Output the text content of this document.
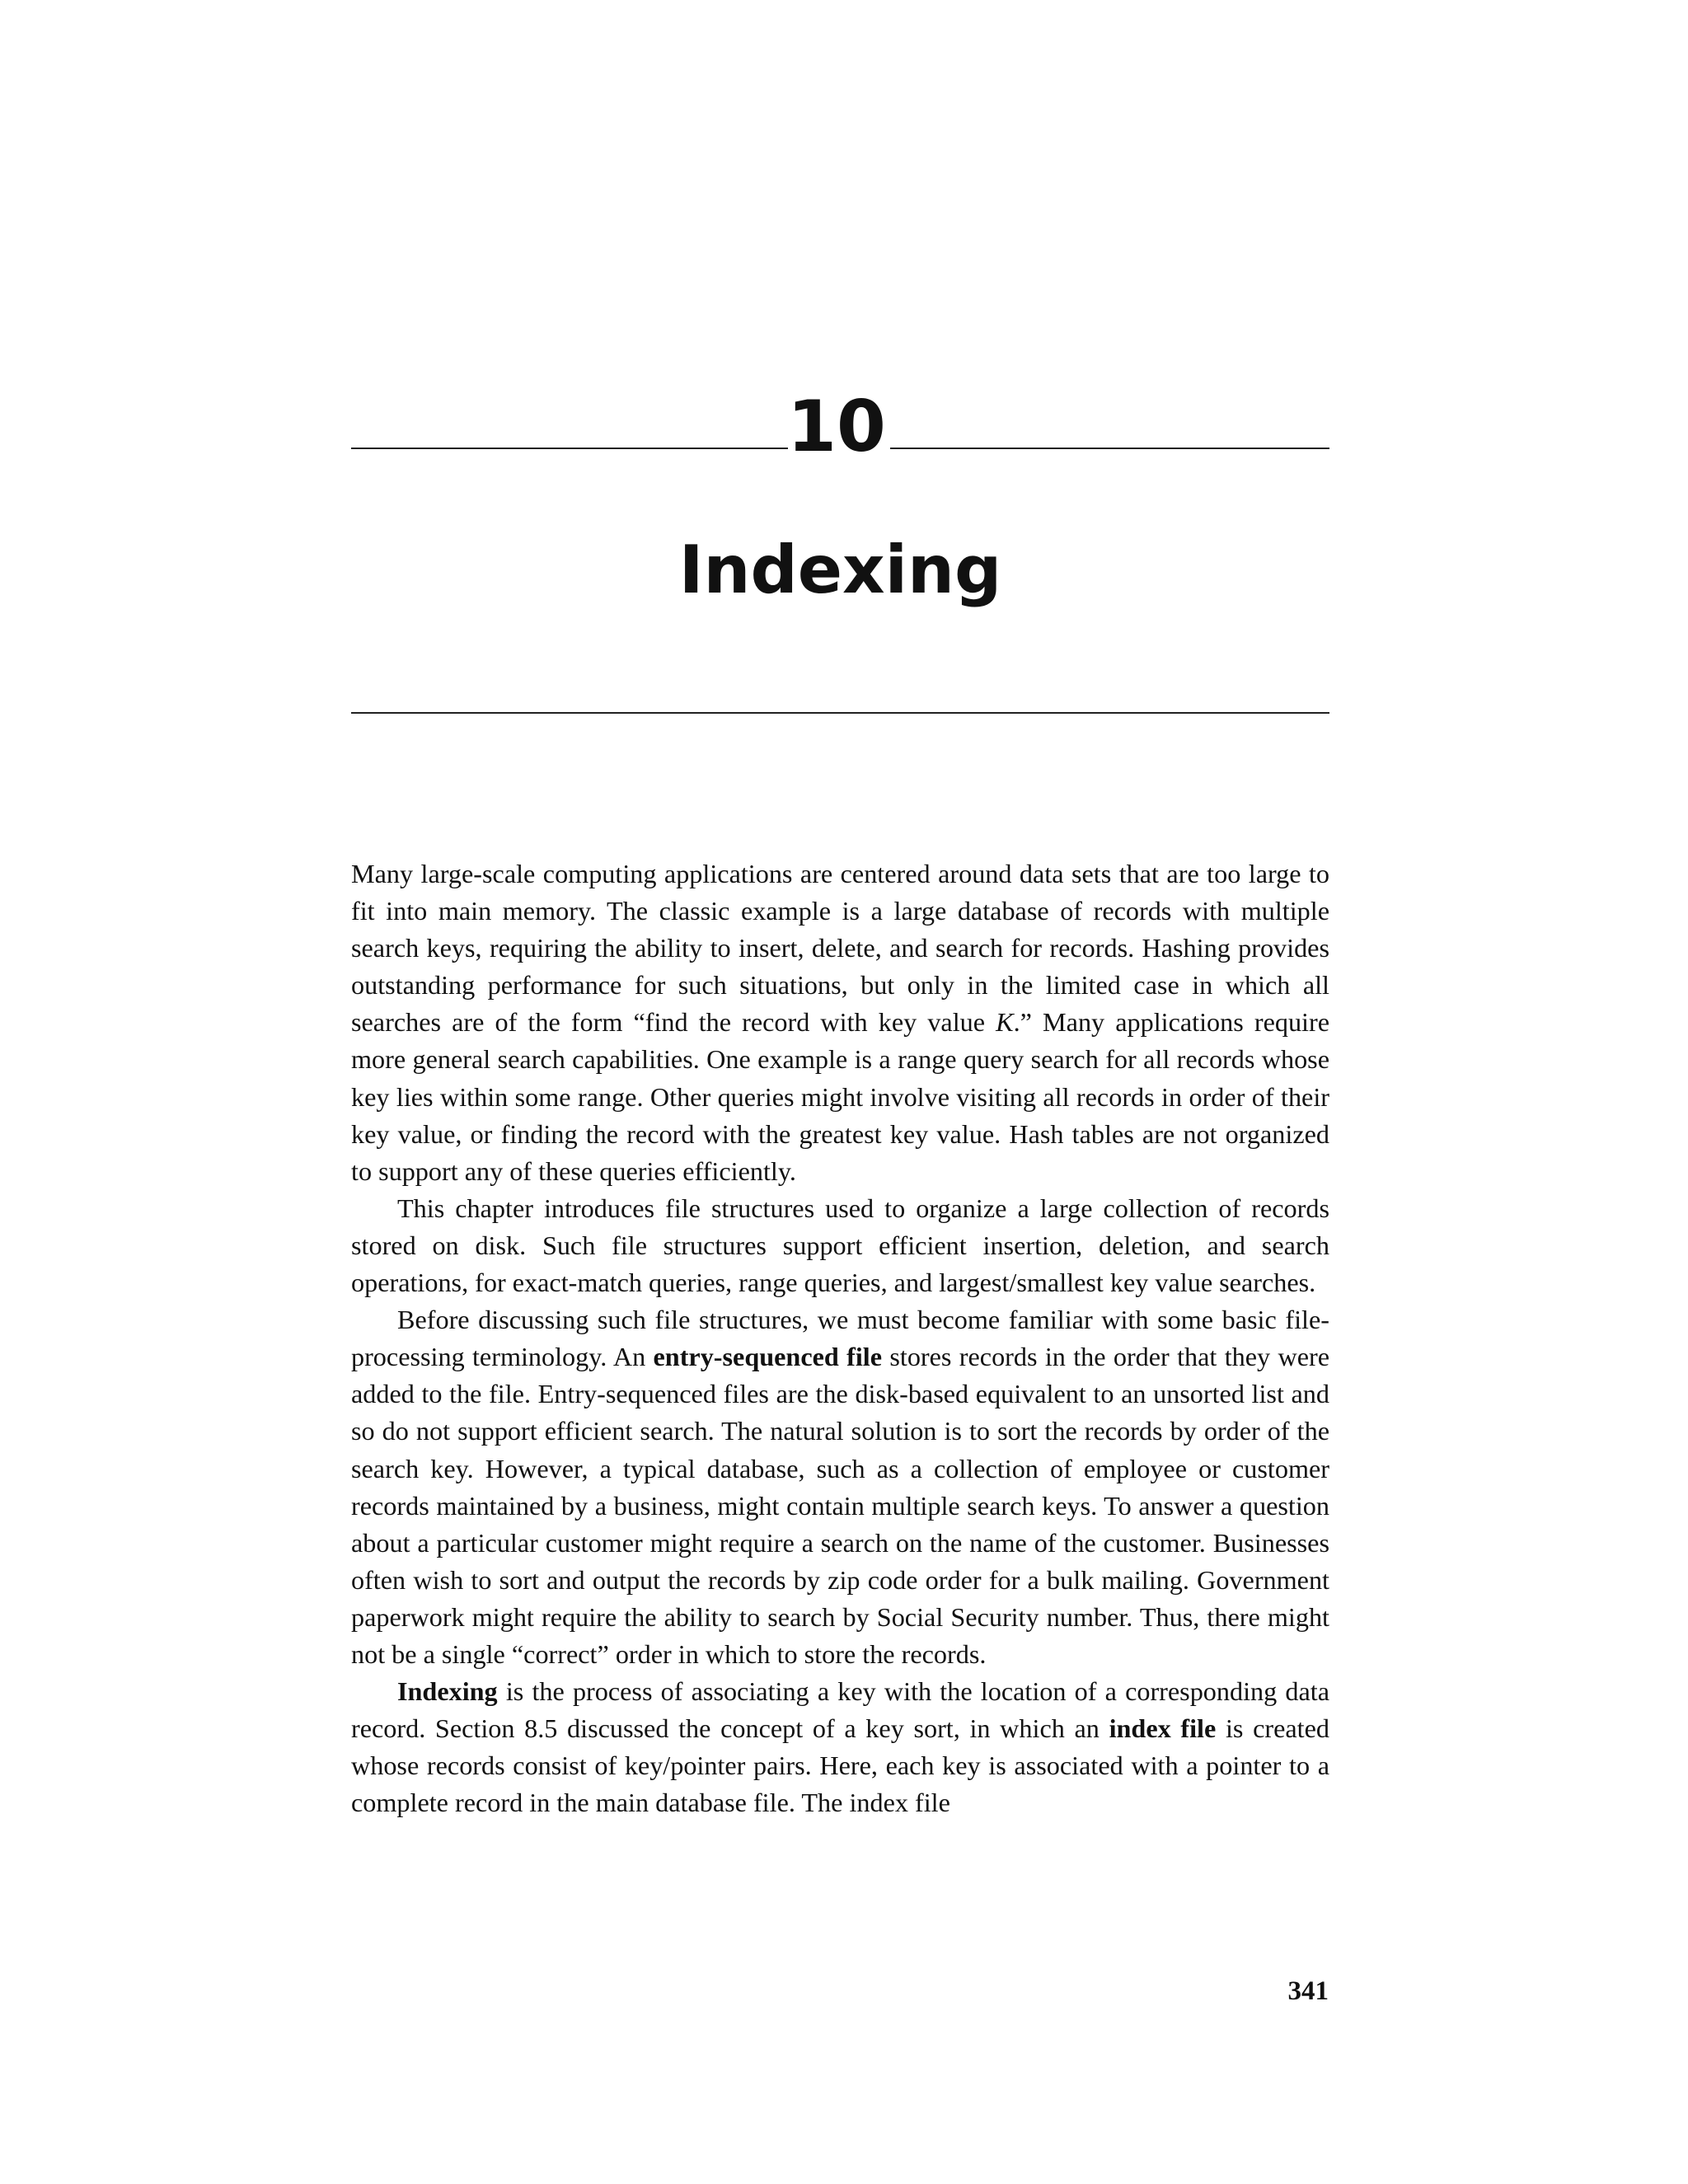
10
Indexing

Many large-scale computing applications are centered around data sets that are too large to fit into main memory. The classic example is a large database of records with multiple search keys, requiring the ability to insert, delete, and search for records. Hashing provides outstanding performance for such situations, but only in the limited case in which all searches are of the form “find the record with key value K.” Many applications require more general search capabilities. One example is a range query search for all records whose key lies within some range. Other queries might involve visiting all records in order of their key value, or finding the record with the greatest key value. Hash tables are not organized to support any of these queries efficiently.

This chapter introduces file structures used to organize a large collection of records stored on disk. Such file structures support efficient insertion, deletion, and search operations, for exact-match queries, range queries, and largest/smallest key value searches.

Before discussing such file structures, we must become familiar with some basic file-processing terminology. An entry-sequenced file stores records in the order that they were added to the file. Entry-sequenced files are the disk-based equivalent to an unsorted list and so do not support efficient search. The natural solution is to sort the records by order of the search key. However, a typical database, such as a collection of employee or customer records maintained by a business, might contain multiple search keys. To answer a question about a particular customer might require a search on the name of the customer. Businesses often wish to sort and output the records by zip code order for a bulk mailing. Government paperwork might require the ability to search by Social Security number. Thus, there might not be a single “correct” order in which to store the records.

Indexing is the process of associating a key with the location of a corresponding data record. Section 8.5 discussed the concept of a key sort, in which an index file is created whose records consist of key/pointer pairs. Here, each key is associated with a pointer to a complete record in the main database file. The index file

341
